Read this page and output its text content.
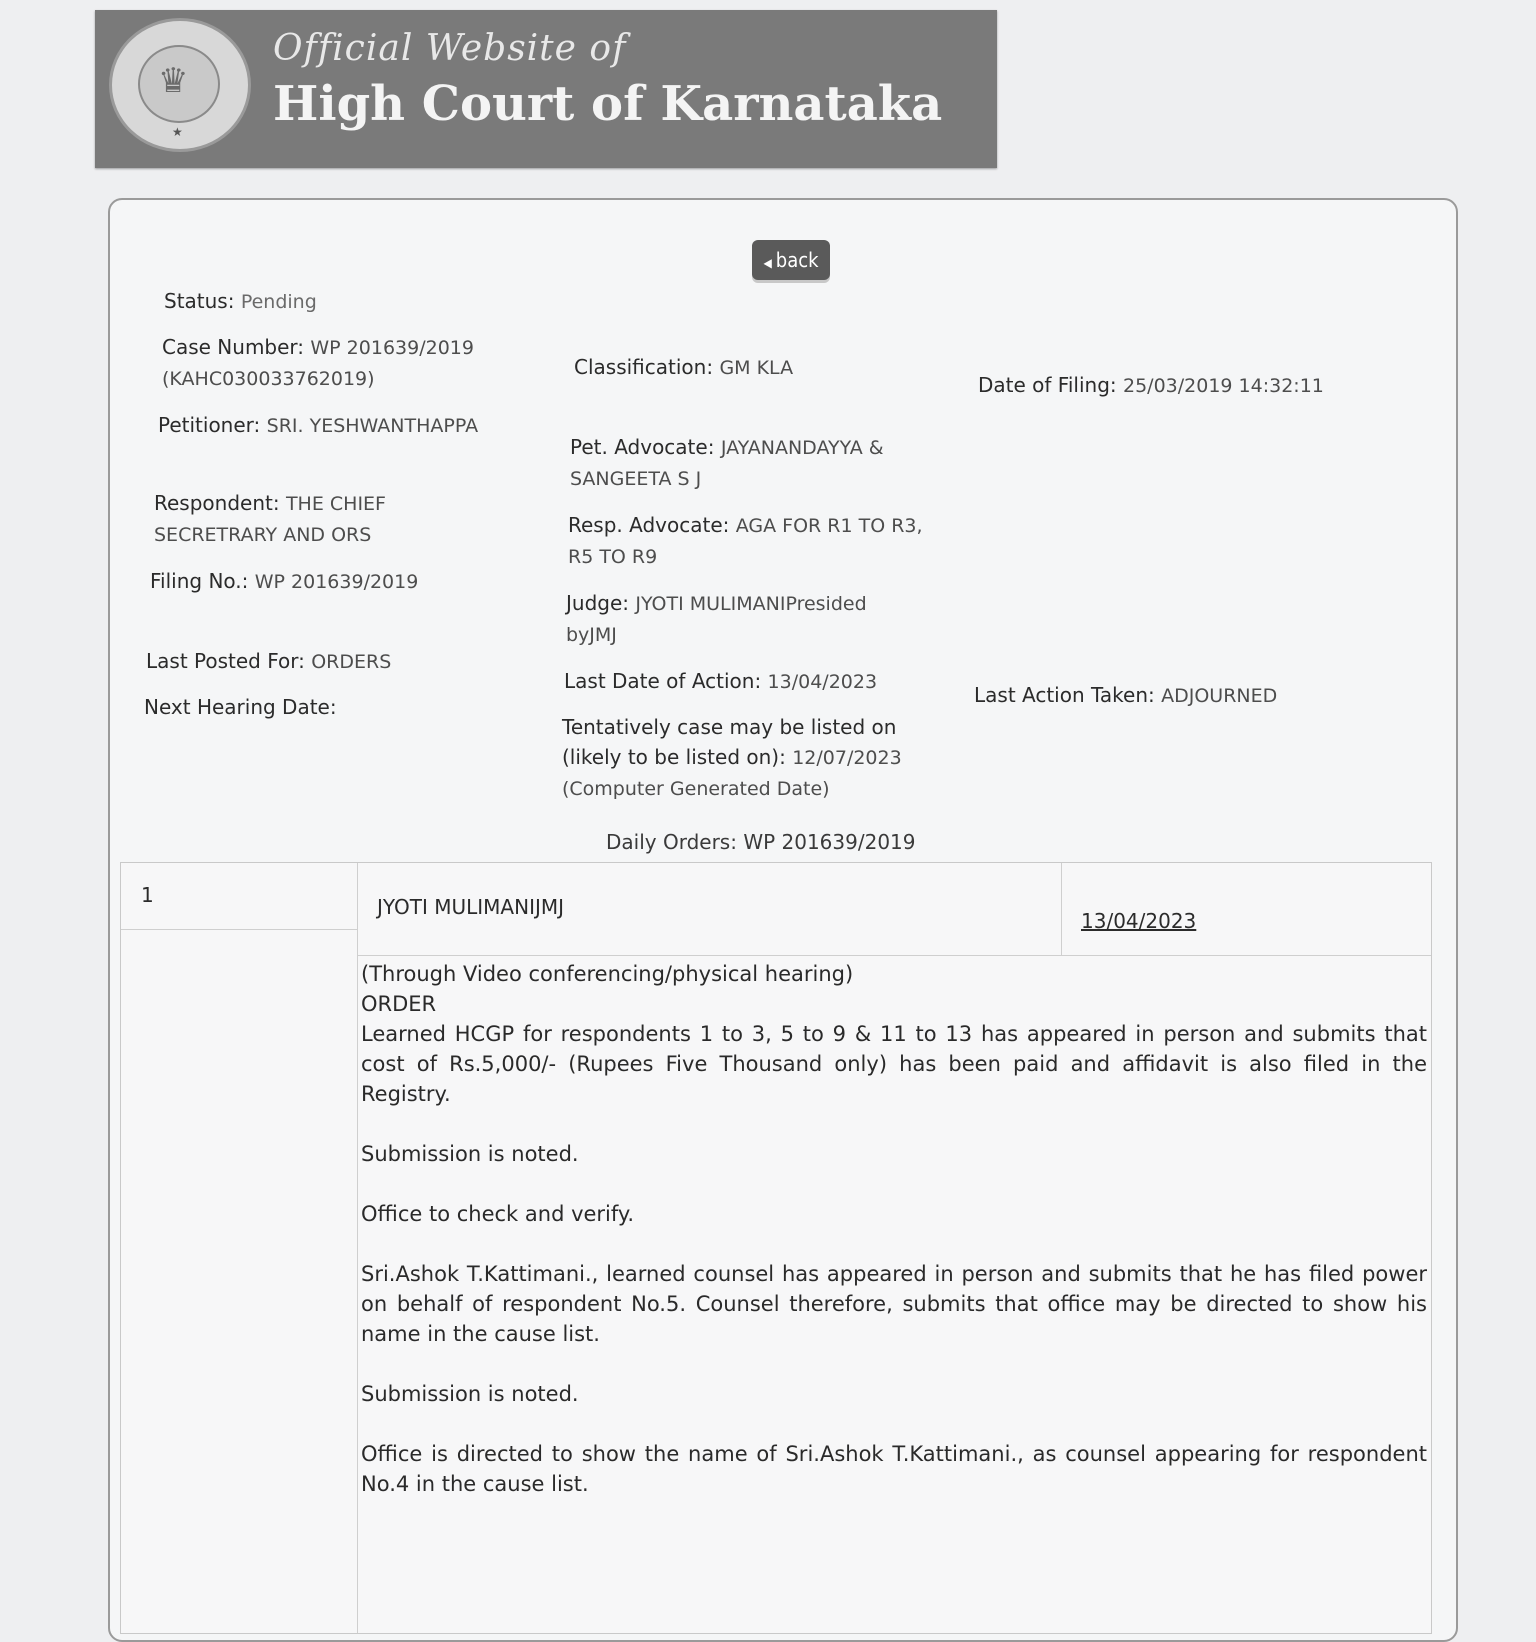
♛
★
Official Website of
High Court of Karnataka
◀ back
Status: Pending
Case Number: WP 201639/2019
(KAHC030033762019)
Petitioner: SRI. YESHWANTHAPPA
Respondent: THE CHIEF
SECRETRARY AND ORS
Filing No.: WP 201639/2019
Last Posted For: ORDERS
Next Hearing Date:
Classification: GM KLA
Pet. Advocate: JAYANANDAYYA &
SANGEETA S J
Resp. Advocate: AGA FOR R1 TO R3,
R5 TO R9
Judge: JYOTI MULIMANIPresided
byJMJ
Last Date of Action: 13/04/2023
Tentatively case may be listed on
(likely to be listed on): 12/07/2023
(Computer Generated Date)
Date of Filing: 25/03/2019 14:32:11
Last Action Taken: ADJOURNED
Daily Orders: WP 201639/2019
1	JYOTI MULIMANIJMJ
13/04/2023

(Through Video conferencing/physical hearing)

ORDER

Learned HCGP for respondents 1 to 3, 5 to 9 & 11 to 13 has appeared in person and submits that cost of Rs.5,000/- (Rupees Five Thousand only) has been paid and affidavit is also filed in the Registry.

Submission is noted.

Office to check and verify.

Sri.Ashok T.Kattimani., learned counsel has appeared in person and submits that he has filed power on behalf of respondent No.5. Counsel therefore, submits that office may be directed to show his name in the cause list.

Submission is noted.

Office is directed to show the name of Sri.Ashok T.Kattimani., as counsel appearing for respondent No.4 in the cause list.
